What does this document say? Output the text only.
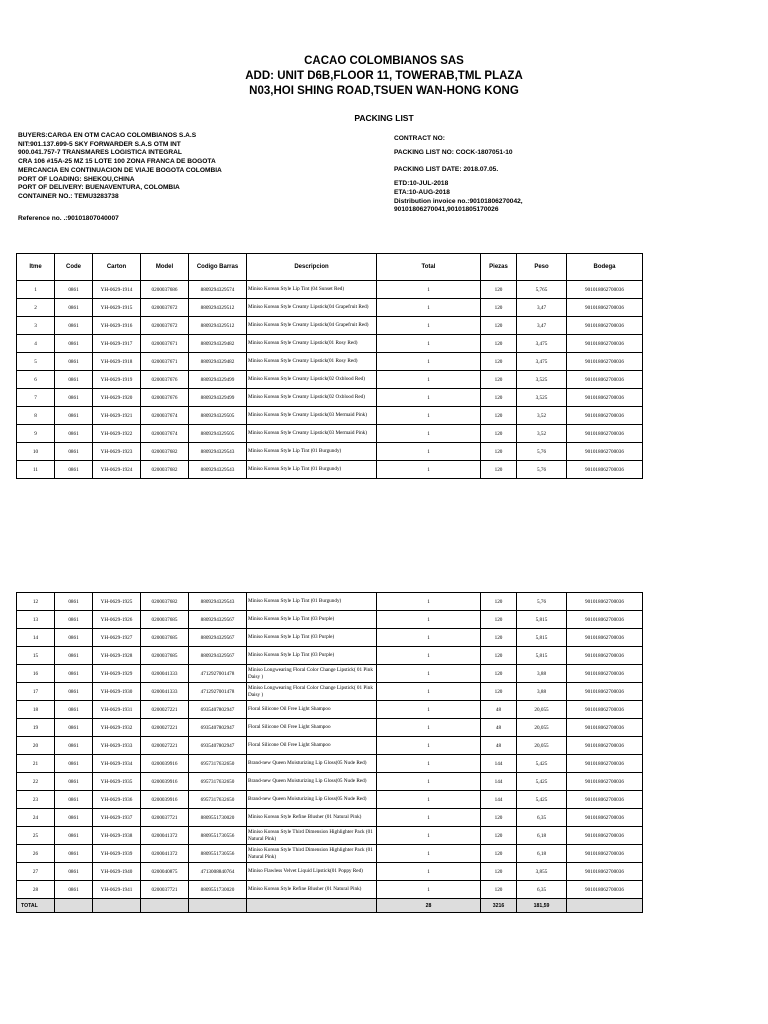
CACAO COLOMBIANOS SAS
ADD: UNIT D6B,FLOOR 11, TOWERAB,TML PLAZA
N03,HOI SHING ROAD,TSUEN WAN-HONG KONG
PACKING LIST
BUYERS:CARGA EN OTM CACAO COLOMBIANOS S.A.S
NIT:901.137.699-5 SKY FORWARDER S.A.S OTM INT
900.041.757-7 TRANSMARES LOGISTICA INTEGRAL
CRA 106 #15A-25 MZ 15 LOTE 100 ZONA FRANCA DE BOGOTA
MERCANCIA EN CONTINUACION DE VIAJE BOGOTA COLOMBIA
PORT OF LOADING: SHEKOU,CHINA
PORT OF DELIVERY: BUENAVENTURA, COLOMBIA
CONTAINER NO.: TEMU3283738
Reference no. .:90101807040007
CONTRACT NO:
PACKING LIST NO: COCK-1807051-10
PACKING LIST DATE: 2018.07.05.
ETD:10-JUL-2018
ETA:10-AUG-2018
Distribution invoice no.:90101806270042,
90101806270041,90101805170026
Itme	Code	Carton	Model	Codigo Barras	Descripcion	Total	Piezas	Peso	Bodega
1	0861	YH-0629-1914	0200037686	8809294329574	Miniso Korean Style Lip Tint (04 Sunset Red)	1	120	5,765	901018062700036
2	0861	YH-0629-1915	0200037672	8809294329512	Miniso Korean Style Creamy Lipstick(04 Grapefruit Red)	1	120	3,47	901018062700036
3	0861	YH-0629-1916	0200037672	8809294329512	Miniso Korean Style Creamy Lipstick(04 Grapefruit Red)	1	120	3,47	901018062700036
4	0861	YH-0629-1917	0200037671	8809294329482	Miniso Korean Style Creamy Lipstick(01 Rosy Red)	1	120	3,475	901018062700036
5	0861	YH-0629-1918	0200037671	8809294329482	Miniso Korean Style Creamy Lipstick(01 Rosy Red)	1	120	3,475	901018062700036
6	0861	YH-0629-1919	0200037676	8809294329499	Miniso Korean Style Creamy Lipstick(02 Oxblood Red)	1	120	3,525	901018062700036
7	0861	YH-0629-1920	0200037676	8809294329499	Miniso Korean Style Creamy Lipstick(02 Oxblood Red)	1	120	3,525	901018062700036
8	0861	YH-0629-1921	0200037674	8809294329505	Miniso Korean Style Creamy Lipstick(03 Mermaid Pink)	1	120	3,52	901018062700036
9	0861	YH-0629-1922	0200037674	8809294329505	Miniso Korean Style Creamy Lipstick(03 Mermaid Pink)	1	120	3,52	901018062700036
10	0861	YH-0629-1923	0200037682	8809294329543	Miniso Korean Style Lip Tint (01 Burgundy)	1	120	5,76	901018062700036
11	0861	YH-0629-1924	0200037682	8809294329543	Miniso Korean Style Lip Tint (01 Burgundy)	1	120	5,76	901018062700036
12	0861	YH-0629-1925	0200037682	8809294329543	Miniso Korean Style Lip Tint (01 Burgundy)	1	120	5,76	901018062700036
13	0861	YH-0629-1926	0200037685	8809294329567	Miniso Korean Style Lip Tint (03 Purple)	1	120	5,815	901018062700036
14	0861	YH-0629-1927	0200037685	8809294329567	Miniso Korean Style Lip Tint (03 Purple)	1	120	5,815	901018062700036
15	0861	YH-0629-1928	0200037685	8809294329567	Miniso Korean Style Lip Tint (03 Purple)	1	120	5,815	901018062700036
16	0861	YH-0629-1929	0200041333	4712927001478	Miniso Longwearing Floral Color Change Lipstick( 01 Pink Daisy )	1	120	3,88	901018062700036
17	0861	YH-0629-1930	0200041333	4712927001478	Miniso Longwearing Floral Color Change Lipstick( 01 Pink Daisy )	1	120	3,88	901018062700036
18	0861	YH-0629-1931	0200027221	6935407802947	Floral Silicone Oil Free Light Shampoo	1	48	20,055	901018062700036
19	0861	YH-0629-1932	0200027221	6935407802947	Floral Silicone Oil Free Light Shampoo	1	48	20,055	901018062700036
20	0861	YH-0629-1933	0200027221	6935407802947	Floral Silicone Oil Free Light Shampoo	1	48	20,055	901018062700036
21	0861	YH-0629-1934	0200039916	6957317632650	Brand-new Queen Moisturizing Lip Gloss(05 Nude Red)	1	144	5,425	901018062700036
22	0861	YH-0629-1935	0200039916	6957317632650	Brand-new Queen Moisturizing Lip Gloss(05 Nude Red)	1	144	5,425	901018062700036
23	0861	YH-0629-1936	0200039916	6957317632650	Brand-new Queen Moisturizing Lip Gloss(05 Nude Red)	1	144	5,425	901018062700036
24	0861	YH-0629-1937	0200037721	8809551730020	Miniso Korean Style Refine Blusher (01 Natural Pink)	1	120	6,35	901018062700036
25	0861	YH-0629-1938	0200041372	8809551730556	Miniso Korean Style Third Dimension Highlighter Pack (01 Natural Pink)	1	120	6,18	901018062700036
26	0861	YH-0629-1939	0200041372	8809551730556	Miniso Korean Style Third Dimension Highlighter Pack (01 Natural Pink)	1	120	6,18	901018062700036
27	0861	YH-0629-1940	0200040875	4713008840764	Miniso Flawless Velvet Liquid Lipstick(01 Poppy Red)	1	120	3,855	901018062700036
28	0861	YH-0629-1941	0200037721	8809551730020	Miniso Korean Style Refine Blusher (01 Natural Pink)	1	120	6,35	901018062700036
TOTAL						28	3216	181,59	
